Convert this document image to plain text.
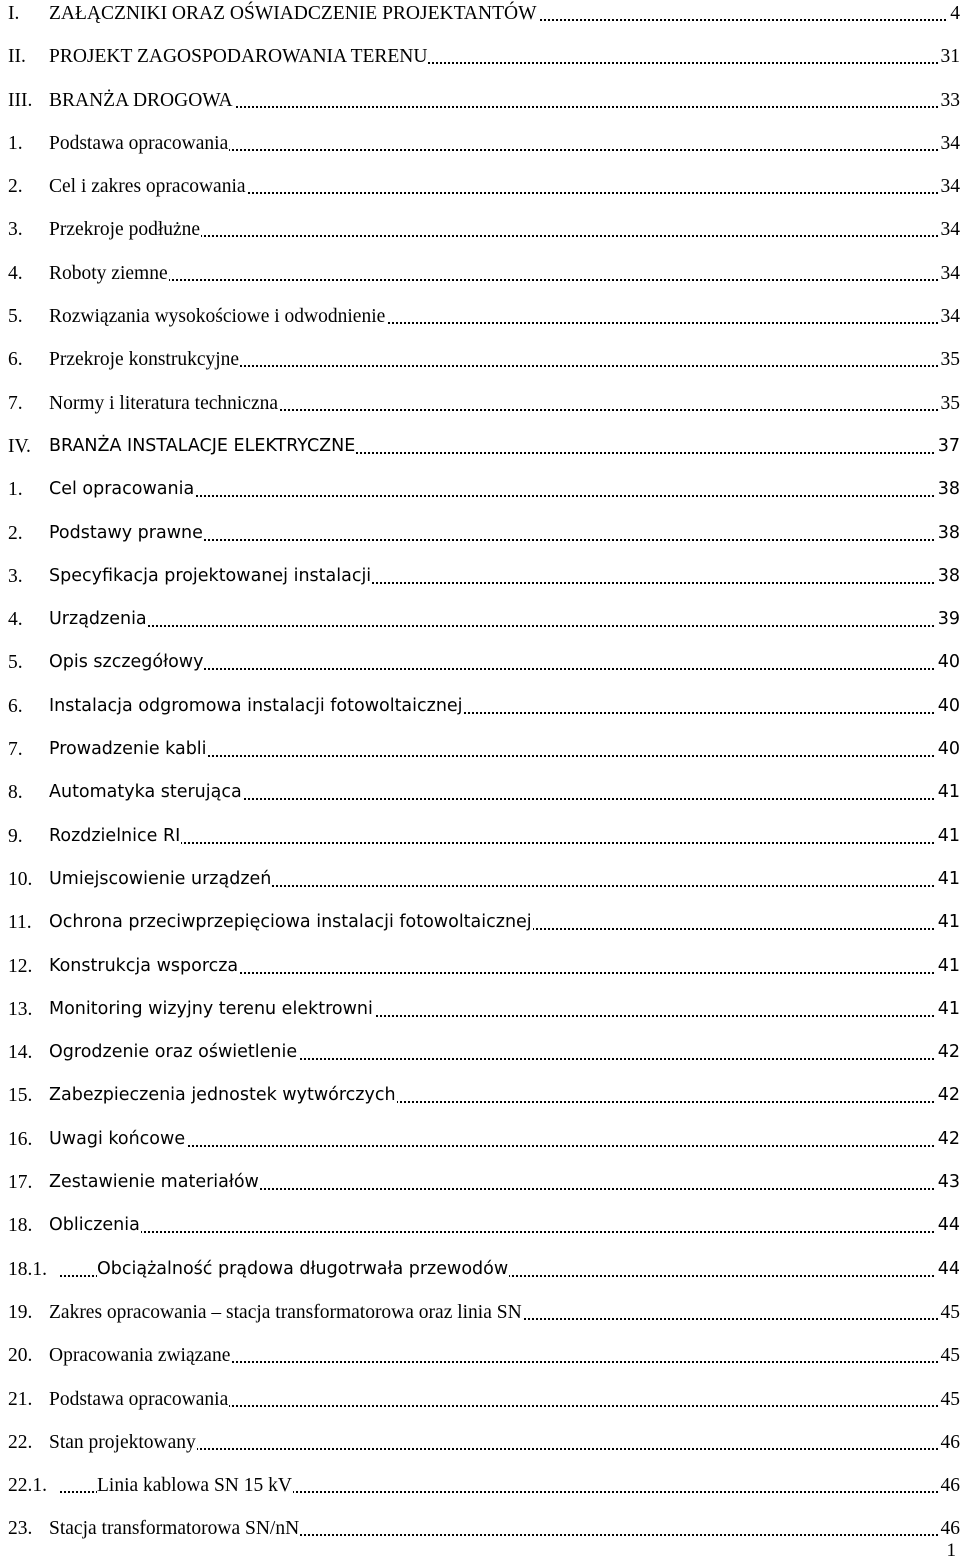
I. ZAŁĄCZNIKI ORAZ OŚWIADCZENIE PROJEKTANTÓW	4
II. PROJEKT ZAGOSPODAROWANIA TERENU	31
III. BRANŻA DROGOWA	33
1. Podstawa opracowania	34
2. Cel i zakres opracowania	34
3. Przekroje podłużne	34
4. Roboty ziemne	34
5. Rozwiązania wysokościowe i odwodnienie	34
6. Przekroje konstrukcyjne	35
7. Normy i literatura techniczna	35
IV. BRANŻA INSTALACJE ELEKTRYCZNE	37
1. Cel opracowania	38
2. Podstawy prawne	38
3. Specyfikacja projektowanej instalacji	38
4. Urządzenia	39
5. Opis szczegółowy	40
6. Instalacja odgromowa instalacji fotowoltaicznej	40
7. Prowadzenie kabli	40
8. Automatyka sterująca	41
9. Rozdzielnice RI	41
10. Umiejscowienie urządzeń	41
11. Ochrona przeciwprzepięciowa instalacji fotowoltaicznej	41
12. Konstrukcja wsporcza	41
13. Monitoring wizyjny terenu elektrowni	41
14. Ogrodzenie oraz oświetlenie	42
15. Zabezpieczenia jednostek wytwórczych	42
16. Uwagi końcowe	42
17. Zestawienie materiałów	43
18. Obliczenia	44
18.1.	Obciążalność prądowa długotrwała przewodów	44
19. Zakres opracowania – stacja transformatorowa oraz linia SN	45
20. Opracowania związane	45
21. Podstawa opracowania	45
22. Stan projektowany	46
22.1.	Linia kablowa SN 15 kV	46
23. Stacja transformatorowa SN/nN	46
1
